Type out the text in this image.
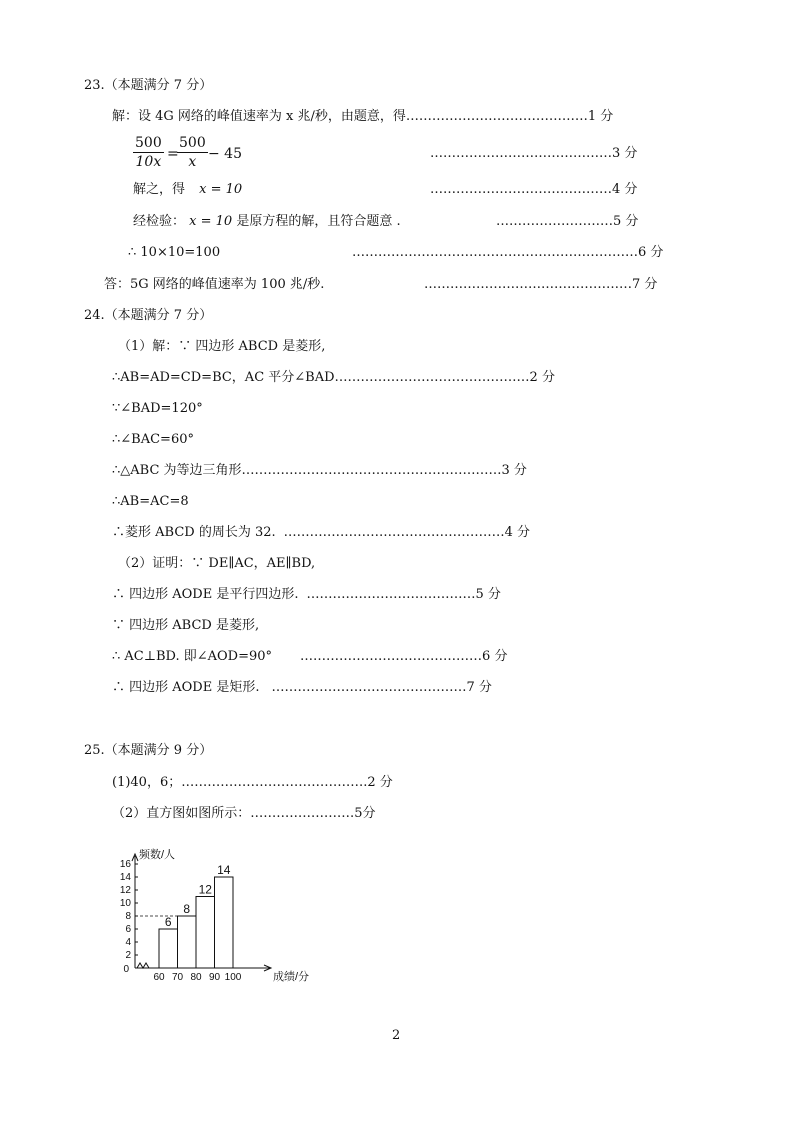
23.（本题满分 7 分）
解：设 4G 网络的峰值速率为 x 兆/秒，由题意，得……………………………………1 分
$\frac{500}{10x}$ =
$\frac{500}{x} - 45$	……………………………………3 分
解之，得 x = 10	……………………………………4 分
经检验： x = 10 是原方程的解，且符合题意 .	………………………5 分
∴ 10×10=100	…………………………………………………………6 分
答：5G 网络的峰值速率为 100 兆/秒.	…………………………………………7 分
24.（本题满分 7 分）
（1）解：∵ 四边形 ABCD 是菱形,
∴AB=AD=CD=BC，AC 平分∠BAD………………………………………2 分
∵∠BAD=120°
∴∠BAC=60°
∴△ABC 为等边三角形……………………………………………………3 分
∴AB=AC=8
∴菱形 ABCD 的周长为 32. ……………………………………………4 分
（2）证明：∵ DE∥AC，AE∥BD,
∴ 四边形 AODE 是平行四边形. …………………………………5 分
∵ 四边形 ABCD 是菱形,
∴ AC⊥BD. 即∠AOD=90° ……………………………………6 分
∴ 四边形 AODE 是矩形. ………………………………………7 分
25.（本题满分 9 分）
(1)40，6；…………………………………….2 分
（2）直方图如图所示：……………………5分
2
4
6
8
10
12
14
16
0
60 70 80 90 100
频数/人
成绩/分
6
8
12
14
2
